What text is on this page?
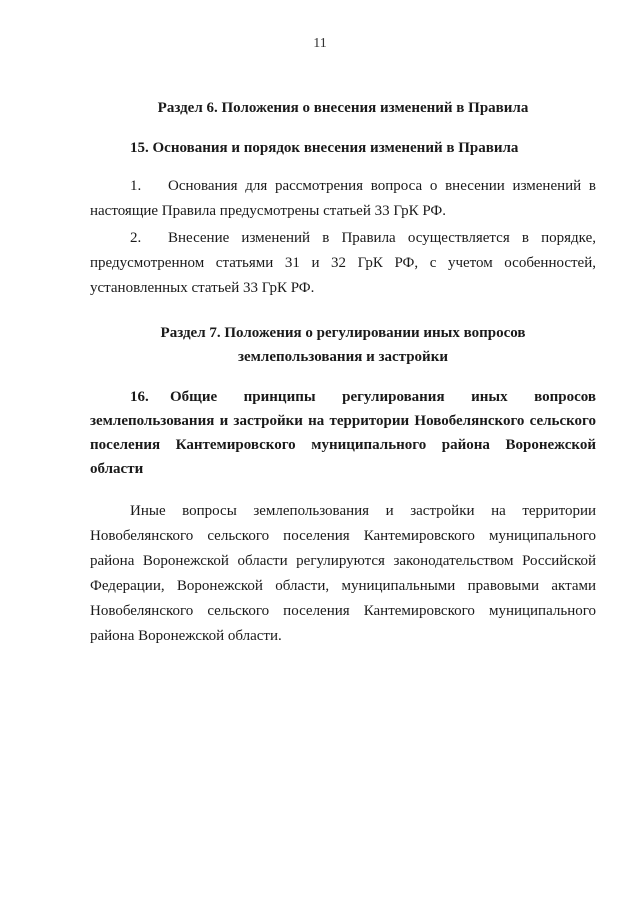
11
Раздел 6. Положения о внесения изменений в Правила
15. Основания и порядок внесения изменений в Правила

1. Основания для рассмотрения вопроса о внесении изменений в настоящие Правила предусмотрены статьей 33 ГрК РФ.

2. Внесение изменений в Правила осуществляется в порядке, предусмотренном статьями 31 и 32 ГрК РФ, с учетом особенностей, установленных статьей 33 ГрК РФ.

Раздел 7. Положения о регулировании иных вопросов
землепользования и застройки

16. Общие принципы регулирования иных вопросов землепользования и застройки на территории Новобелянского сельского поселения Кантемировского муниципального района Воронежской области

Иные вопросы землепользования и застройки на территории Новобелянского сельского поселения Кантемировского муниципального района Воронежской области регулируются законодательством Российской Федерации, Воронежской области, муниципальными правовыми актами Новобелянского сельского поселения Кантемировского муниципального района Воронежской области.
